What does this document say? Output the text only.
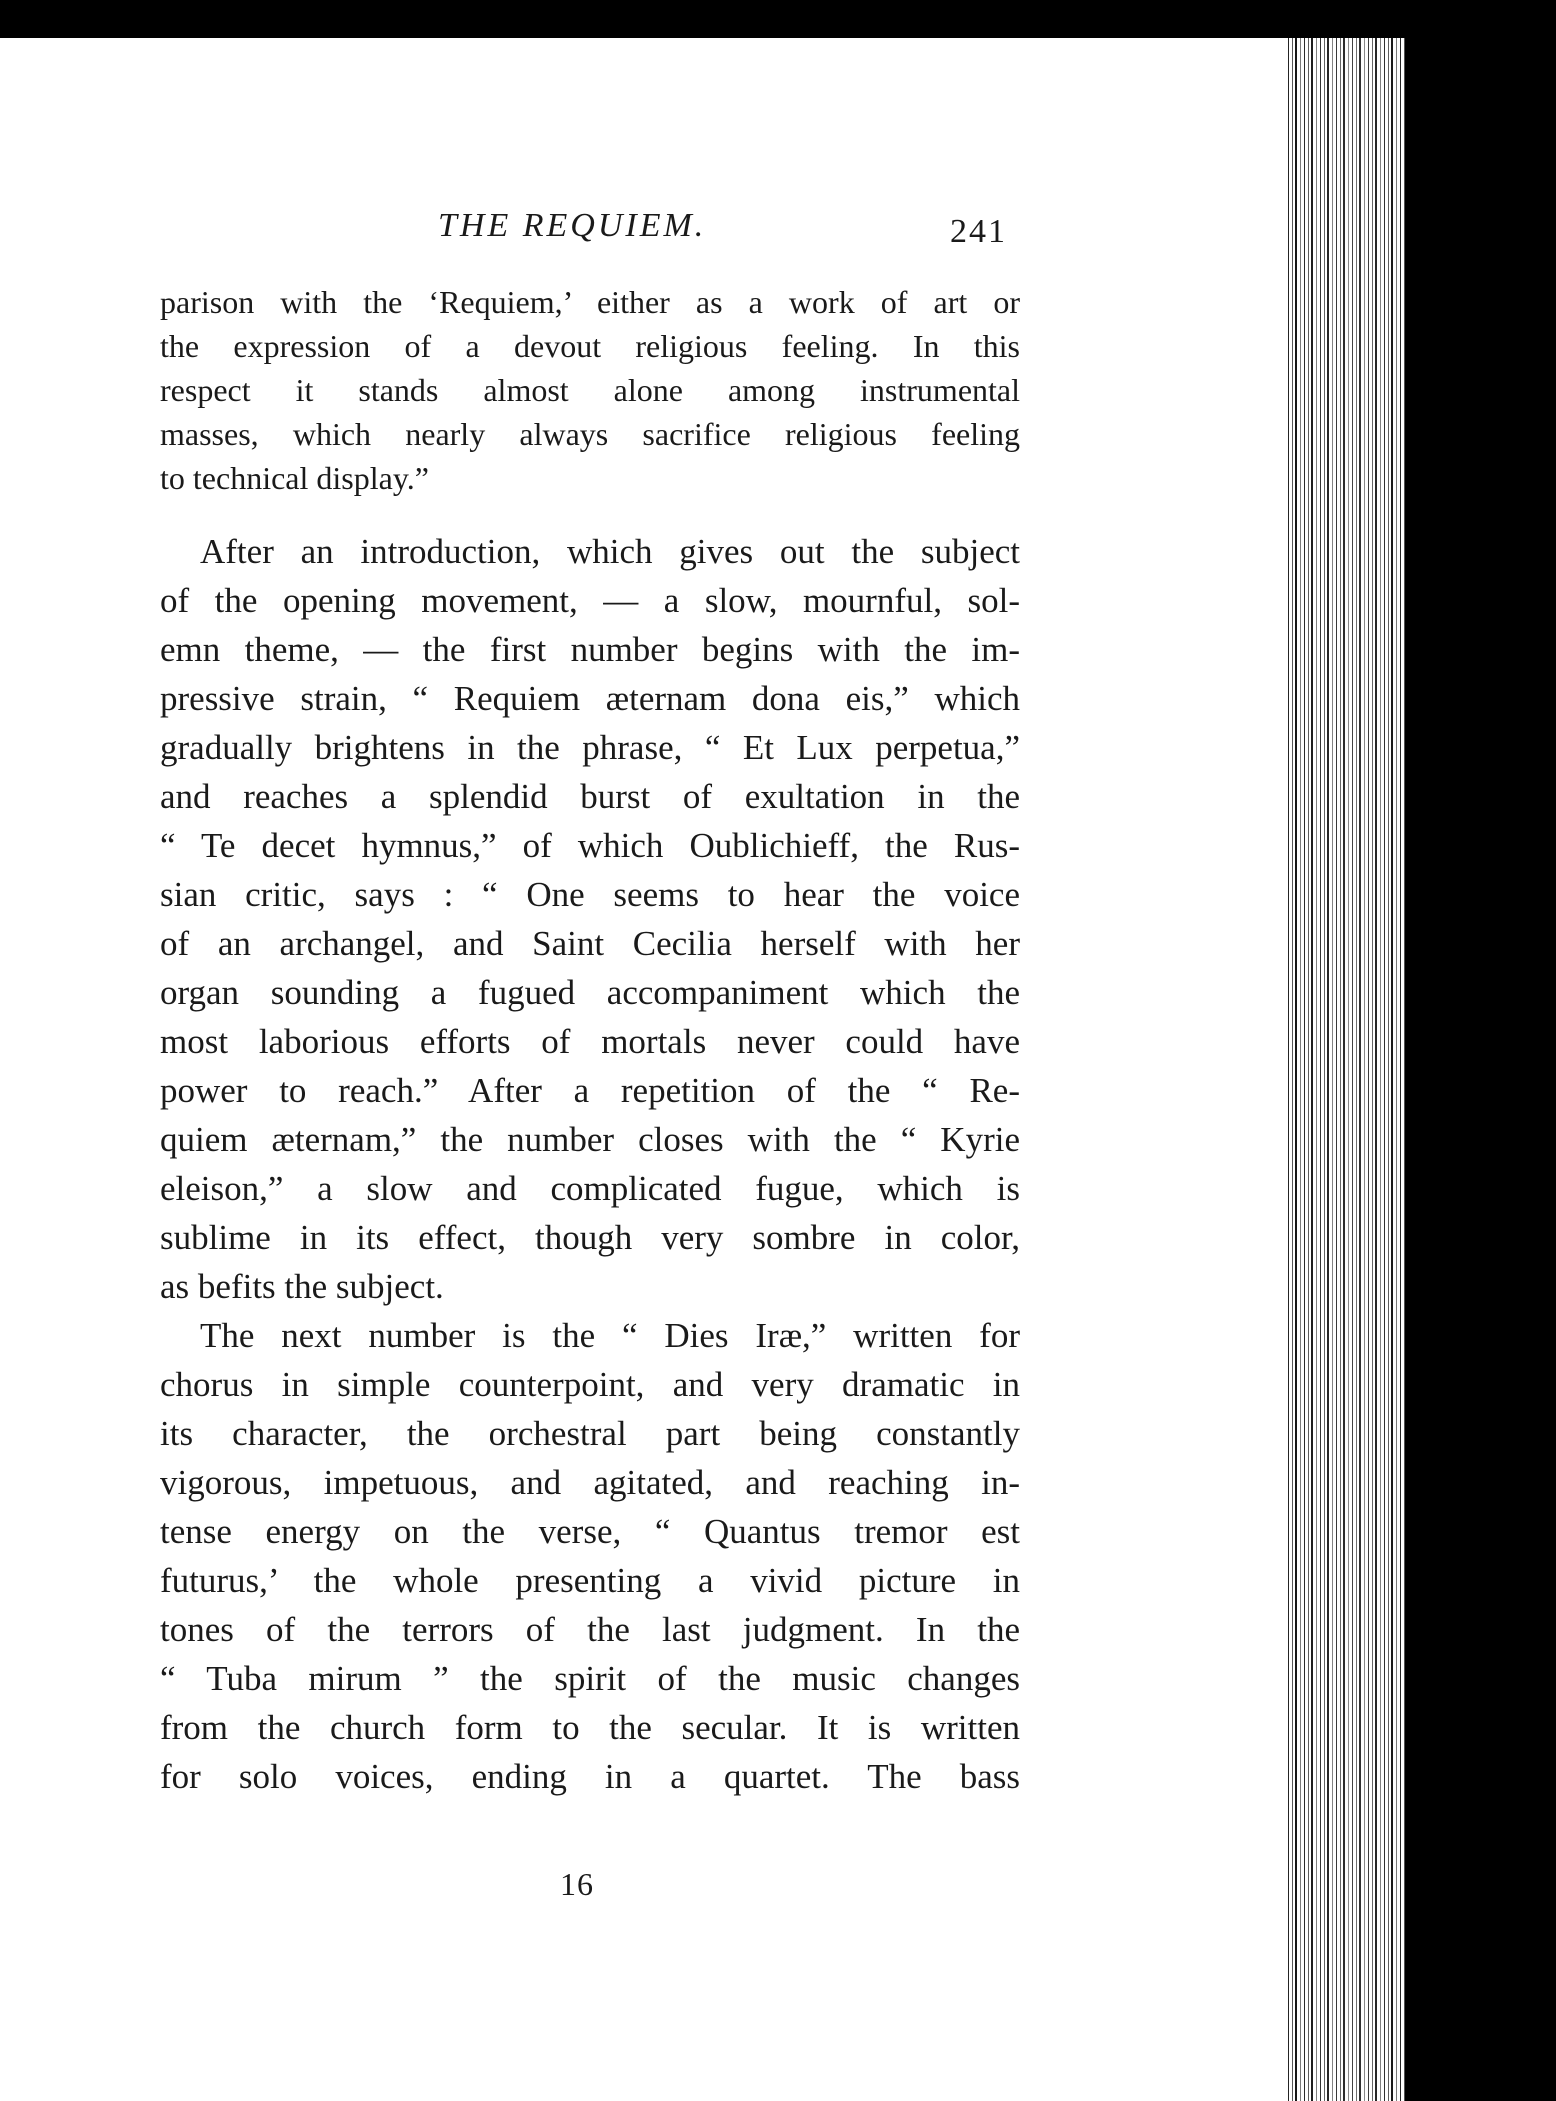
THE REQUIEM.	241
parison with the ‘Requiem,’ either as a work of art or
the expression of a devout religious feeling. In this
respect it stands almost alone among instrumental
masses, which nearly always sacrifice religious feeling
to technical display.”
After an introduction, which gives out the subject
of the opening movement, — a slow, mournful, sol-
emn theme, — the first number begins with the im-
pressive strain, “ Requiem æternam dona eis,” which
gradually brightens in the phrase, “ Et Lux perpetua,”
and reaches a splendid burst of exultation in the
“ Te decet hymnus,” of which Oublichieff, the Rus-
sian critic, says : “ One seems to hear the voice
of an archangel, and Saint Cecilia herself with her
organ sounding a fugued accompaniment which the
most laborious efforts of mortals never could have
power to reach.” After a repetition of the “ Re-
quiem æternam,” the number closes with the “ Kyrie
eleison,” a slow and complicated fugue, which is
sublime in its effect, though very sombre in color,
as befits the subject.
The next number is the “ Dies Iræ,” written for
chorus in simple counterpoint, and very dramatic in
its character, the orchestral part being constantly
vigorous, impetuous, and agitated, and reaching in-
tense energy on the verse, “ Quantus tremor est
futurus,’ the whole presenting a vivid picture in
tones of the terrors of the last judgment. In the
“ Tuba mirum ” the spirit of the music changes
from the church form to the secular. It is written
for solo voices, ending in a quartet. The bass
16
